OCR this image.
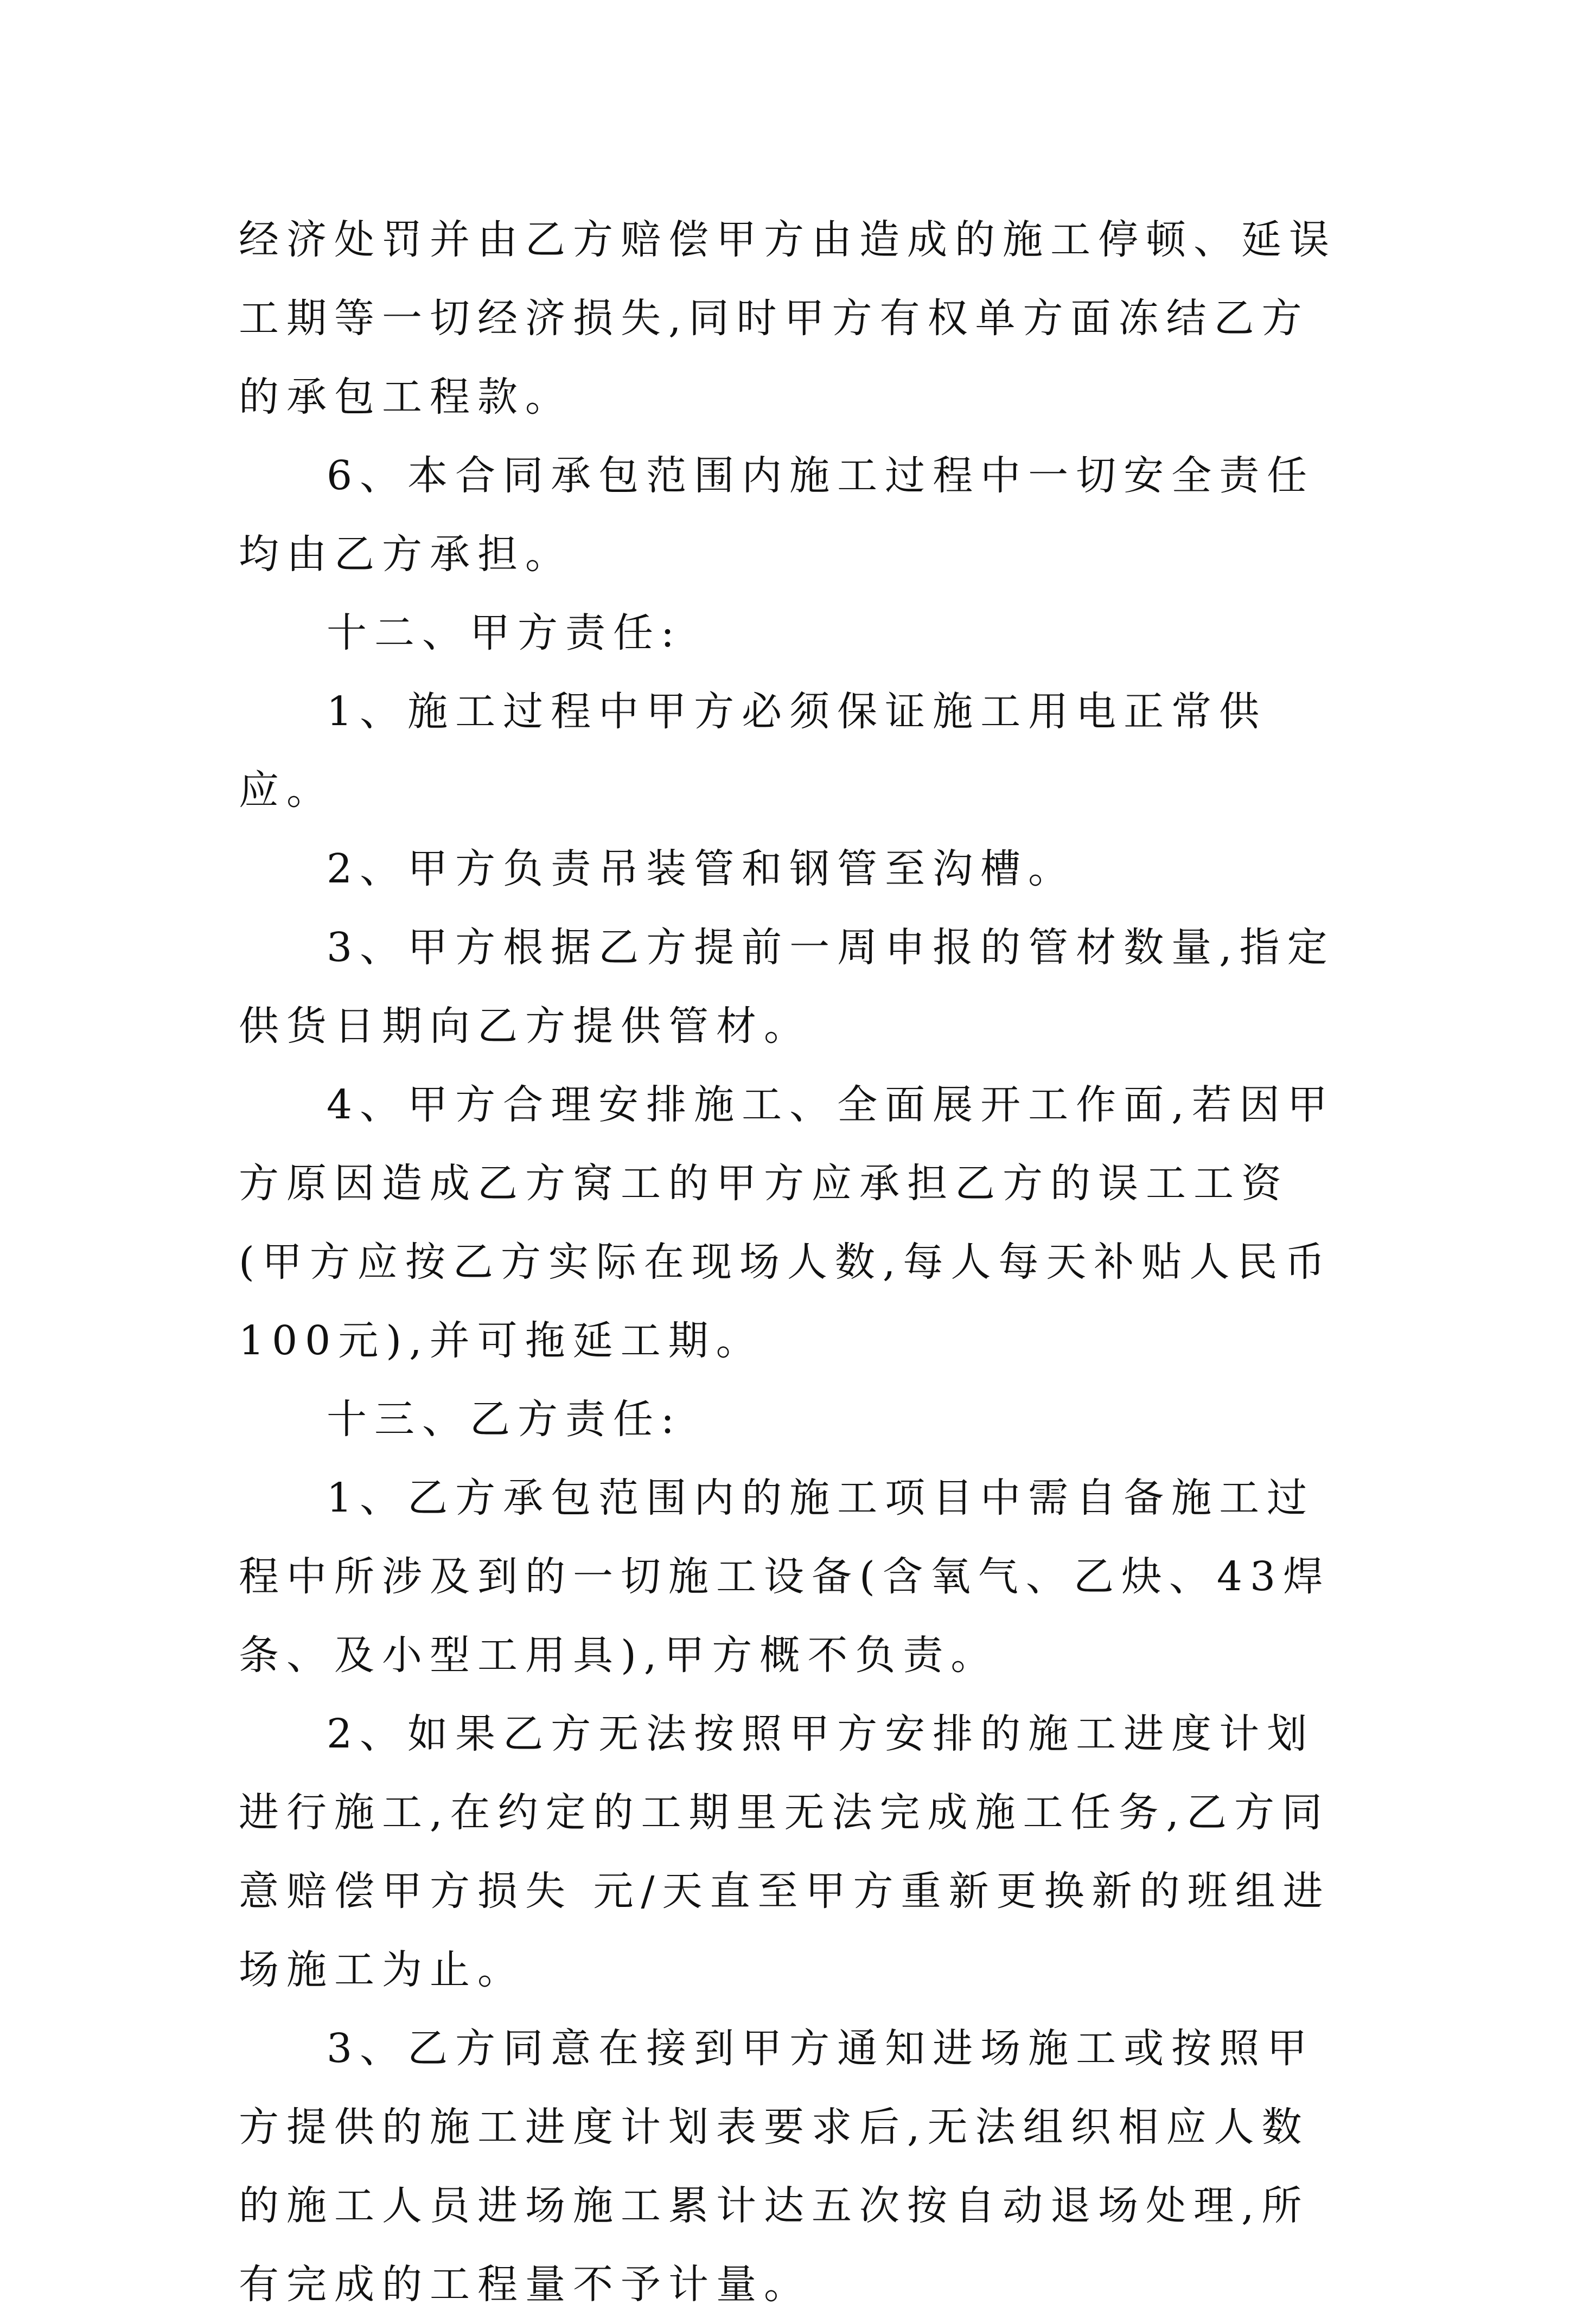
经济处罚并由乙方赔偿甲方由造成的施工停顿、延误工期等一切经济损失,同时甲方有权单方面冻结乙方的承包工程款。

6、本合同承包范围内施工过程中一切安全责任均由乙方承担。

十二、甲方责任:

1、施工过程中甲方必须保证施工用电正常供应。

2、甲方负责吊装管和钢管至沟槽。

3、甲方根据乙方提前一周申报的管材数量,指定供货日期向乙方提供管材。

4、甲方合理安排施工、全面展开工作面,若因甲方原因造成乙方窝工的甲方应承担乙方的误工工资(甲方应按乙方实际在现场人数,每人每天补贴人民币100元),并可拖延工期。

十三、乙方责任:

1、乙方承包范围内的施工项目中需自备施工过程中所涉及到的一切施工设备(含氧气、乙炔、43焊条、及小型工用具),甲方概不负责。

2、如果乙方无法按照甲方安排的施工进度计划进行施工,在约定的工期里无法完成施工任务,乙方同意赔偿甲方损失 元/天直至甲方重新更换新的班组进场施工为止。

3、乙方同意在接到甲方通知进场施工或按照甲方提供的施工进度计划表要求后,无法组织相应人数的施工人员进场施工累计达五次按自动退场处理,所有完成的工程量不予计量。
